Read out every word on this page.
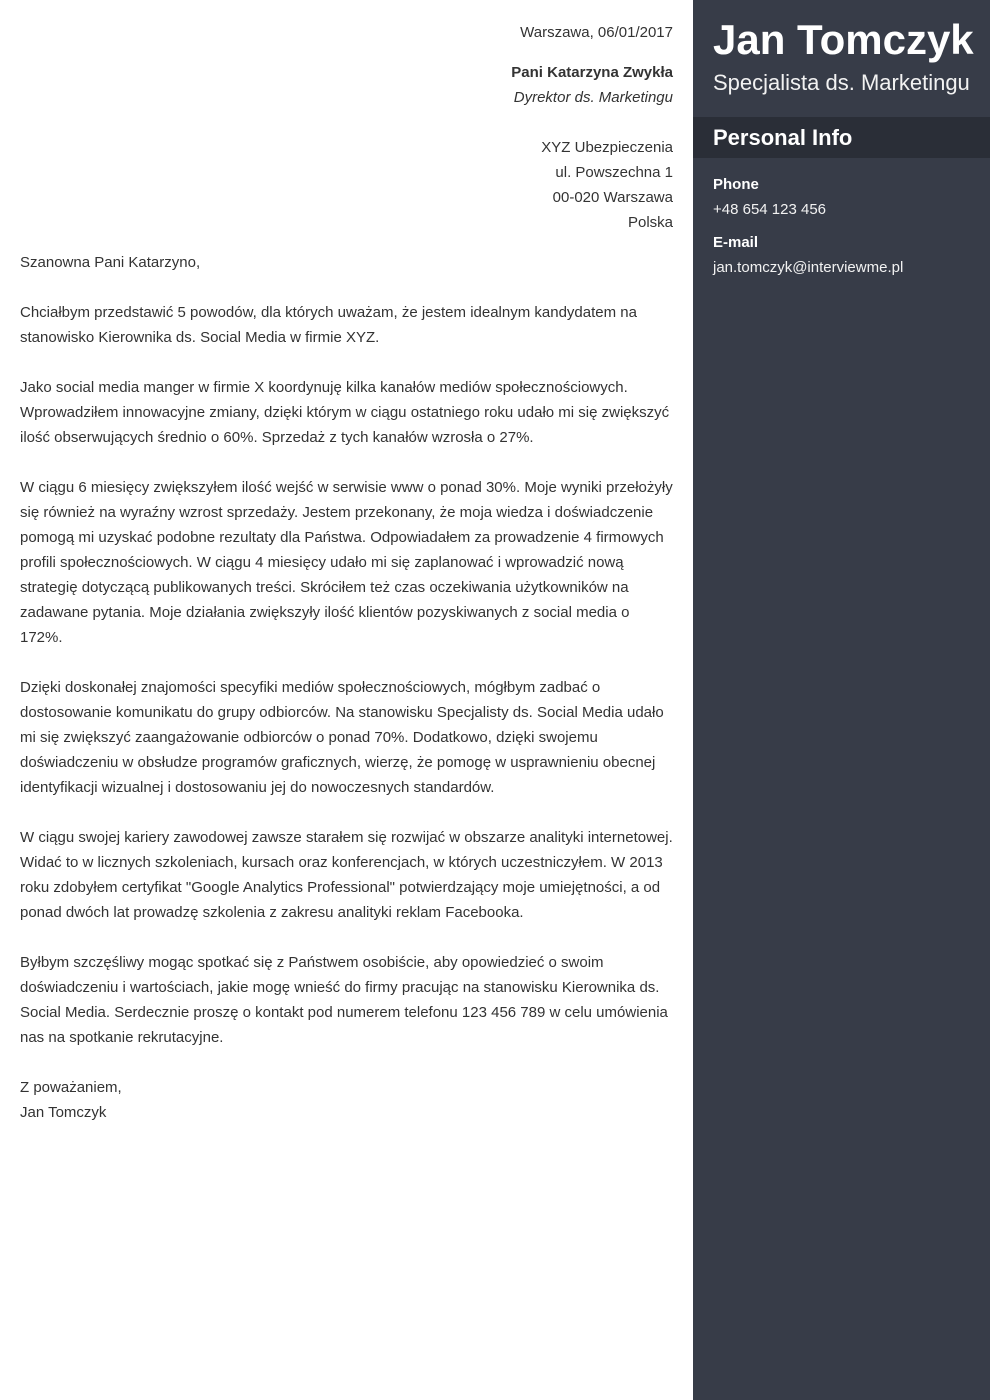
Warszawa, 06/01/2017
Pani Katarzyna Zwykła
Dyrektor ds. Marketingu
XYZ Ubezpieczenia
ul. Powszechna 1
00-020 Warszawa
Polska
Szanowna Pani Katarzyno,

Chciałbym przedstawić 5 powodów, dla których uważam, że jestem idealnym kandydatem na stanowisko Kierownika ds. Social Media w firmie XYZ.

Jako social media manger w firmie X koordynuję kilka kanałów mediów społecznościowych. Wprowadziłem innowacyjne zmiany, dzięki którym w ciągu ostatniego roku udało mi się zwiększyć ilość obserwujących średnio o 60%. Sprzedaż z tych kanałów wzrosła o 27%.

W ciągu 6 miesięcy zwiększyłem ilość wejść w serwisie www o ponad 30%. Moje wyniki przełożyły się również na wyraźny wzrost sprzedaży. Jestem przekonany, że moja wiedza i doświadczenie pomogą mi uzyskać podobne rezultaty dla Państwa. Odpowiadałem za prowadzenie 4 firmowych profili społecznościowych. W ciągu 4 miesięcy udało mi się zaplanować i wprowadzić nową strategię dotyczącą publikowanych treści. Skróciłem też czas oczekiwania użytkowników na zadawane pytania. Moje działania zwiększyły ilość klientów pozyskiwanych z social media o 172%.

Dzięki doskonałej znajomości specyfiki mediów społecznościowych, mógłbym zadbać o dostosowanie komunikatu do grupy odbiorców. Na stanowisku Specjalisty ds. Social Media udało mi się zwiększyć zaangażowanie odbiorców o ponad 70%. Dodatkowo, dzięki swojemu doświadczeniu w obsłudze programów graficznych, wierzę, że pomogę w usprawnieniu obecnej identyfikacji wizualnej i dostosowaniu jej do nowoczesnych standardów.

W ciągu swojej kariery zawodowej zawsze starałem się rozwijać w obszarze analityki internetowej. Widać to w licznych szkoleniach, kursach oraz konferencjach, w których uczestniczyłem. W 2013 roku zdobyłem certyfikat "Google Analytics Professional" potwierdzający moje umiejętności, a od ponad dwóch lat prowadzę szkolenia z zakresu analityki reklam Facebooka.

Byłbym szczęśliwy mogąc spotkać się z Państwem osobiście, aby opowiedzieć o swoim doświadczeniu i wartościach, jakie mogę wnieść do firmy pracując na stanowisku Kierownika ds. Social Media. Serdecznie proszę o kontakt pod numerem telefonu 123 456 789 w celu umówienia nas na spotkanie rekrutacyjne.

Z poważaniem,
Jan Tomczyk
Jan Tomczyk
Specjalista ds. Marketingu
Personal Info
Phone
+48 654 123 456
E-mail
jan.tomczyk@interviewme.pl
